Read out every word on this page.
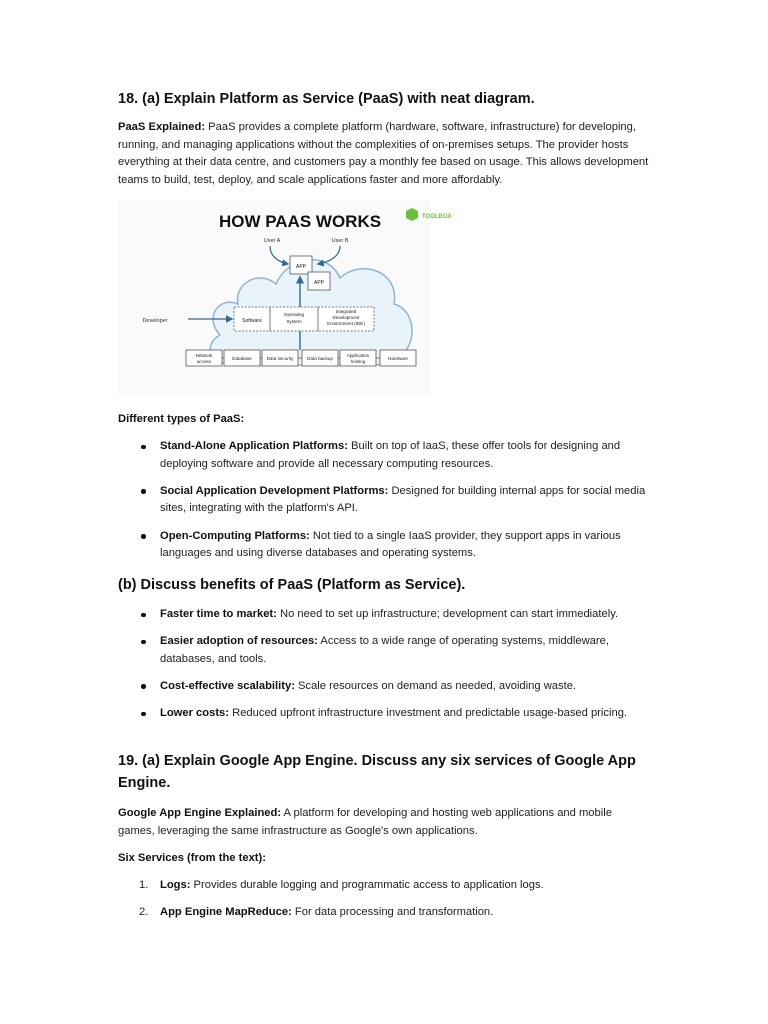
18. (a) Explain Platform as Service (PaaS) with neat diagram.

PaaS Explained: PaaS provides a complete platform (hardware, software, infrastructure) for developing, running, and managing applications without the complexities of on-premises setups. The provider hosts everything at their data centre, and customers pay a monthly fee based on usage. This allows development teams to build, test, deploy, and scale applications faster and more affordably.

HOW PAAS WORKS	TOOLBOX
User A	User B
APP
APP
Developer	Software
Operating
System
Integrated
Development
Environment (IDE)
Network
access
Database	Data security	Data backup
Application
hosting
Hardware

Different types of PaaS:

Stand-Alone Application Platforms: Built on top of IaaS, these offer tools for designing and deploying software and provide all necessary computing resources.
Social Application Development Platforms: Designed for building internal apps for social media sites, integrating with the platform's API.
Open-Computing Platforms: Not tied to a single IaaS provider, they support apps in various languages and using diverse databases and operating systems.
(b) Discuss benefits of PaaS (Platform as Service).
Faster time to market: No need to set up infrastructure; development can start immediately.
Easier adoption of resources: Access to a wide range of operating systems, middleware, databases, and tools.
Cost-effective scalability: Scale resources on demand as needed, avoiding waste.
Lower costs: Reduced upfront infrastructure investment and predictable usage-based pricing.
19. (a) Explain Google App Engine. Discuss any six services of Google App Engine.

Google App Engine Explained: A platform for developing and hosting web applications and mobile games, leveraging the same infrastructure as Google's own applications.

Six Services (from the text):

1. Logs: Provides durable logging and programmatic access to application logs.
2. App Engine MapReduce: For data processing and transformation.
